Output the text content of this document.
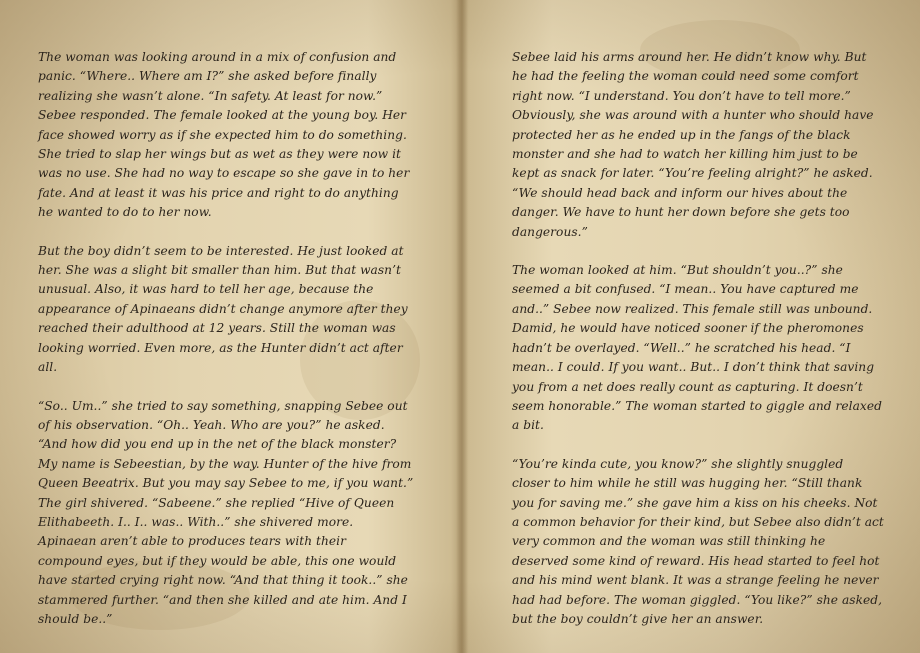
The woman was looking around in a mix of confusion and panic. “Where.. Where am I?” she asked before finally realizing she wasn’t alone. “In safety. At least for now.” Sebee responded. The female looked at the young boy. Her face showed worry as if she expected him to do something. She tried to slap her wings but as wet as they were now it was no use. She had no way to escape so she gave in to her fate. And at least it was his price and right to do anything he wanted to do to her now.

But the boy didn’t seem to be interested. He just looked at her. She was a slight bit smaller than him. But that wasn’t unusual. Also, it was hard to tell her age, because the appearance of Apinaeans didn’t change anymore after they reached their adulthood at 12 years. Still the woman was looking worried. Even more, as the Hunter didn’t act after all.

“So.. Um..” she tried to say something, snapping Sebee out of his observation. “Oh.. Yeah. Who are you?” he asked. “And how did you end up in the net of the black monster? My name is Sebeestian, by the way. Hunter of the hive from Queen Beeatrix. But you may say Sebee to me, if you want.” The girl shivered. “Sabeene.” she replied “Hive of Queen Elithabeeth. I.. I.. was.. With..” she shivered more. Apinaean aren’t able to produces tears with their compound eyes, but if they would be able, this one would have started crying right now. “And that thing it took..” she stammered further. “and then she killed and ate him. And I should be..”

Sebee laid his arms around her. He didn’t know why. But he had the feeling the woman could need some comfort right now. “I understand. You don’t have to tell more.” Obviously, she was around with a hunter who should have protected her as he ended up in the fangs of the black monster and she had to watch her killing him just to be kept as snack for later. “You’re feeling alright?” he asked. “We should head back and inform our hives about the danger. We have to hunt her down before she gets too dangerous.”

The woman looked at him. “But shouldn’t you..?” she seemed a bit confused. “I mean.. You have captured me and..” Sebee now realized. This female still was unbound. Damid, he would have noticed sooner if the pheromones hadn’t be overlayed. “Well..” he scratched his head. “I mean.. I could. If you want.. But.. I don’t think that saving you from a net does really count as capturing. It doesn’t seem honorable.” The woman started to giggle and relaxed a bit.

“You’re kinda cute, you know?” she slightly snuggled closer to him while he still was hugging her. “Still thank you for saving me.” she gave him a kiss on his cheeks. Not a common behavior for their kind, but Sebee also didn’t act very common and the woman was still thinking he deserved some kind of reward. His head started to feel hot and his mind went blank. It was a strange feeling he never had had before. The woman giggled. “You like?” she asked, but the boy couldn’t give her an answer.
